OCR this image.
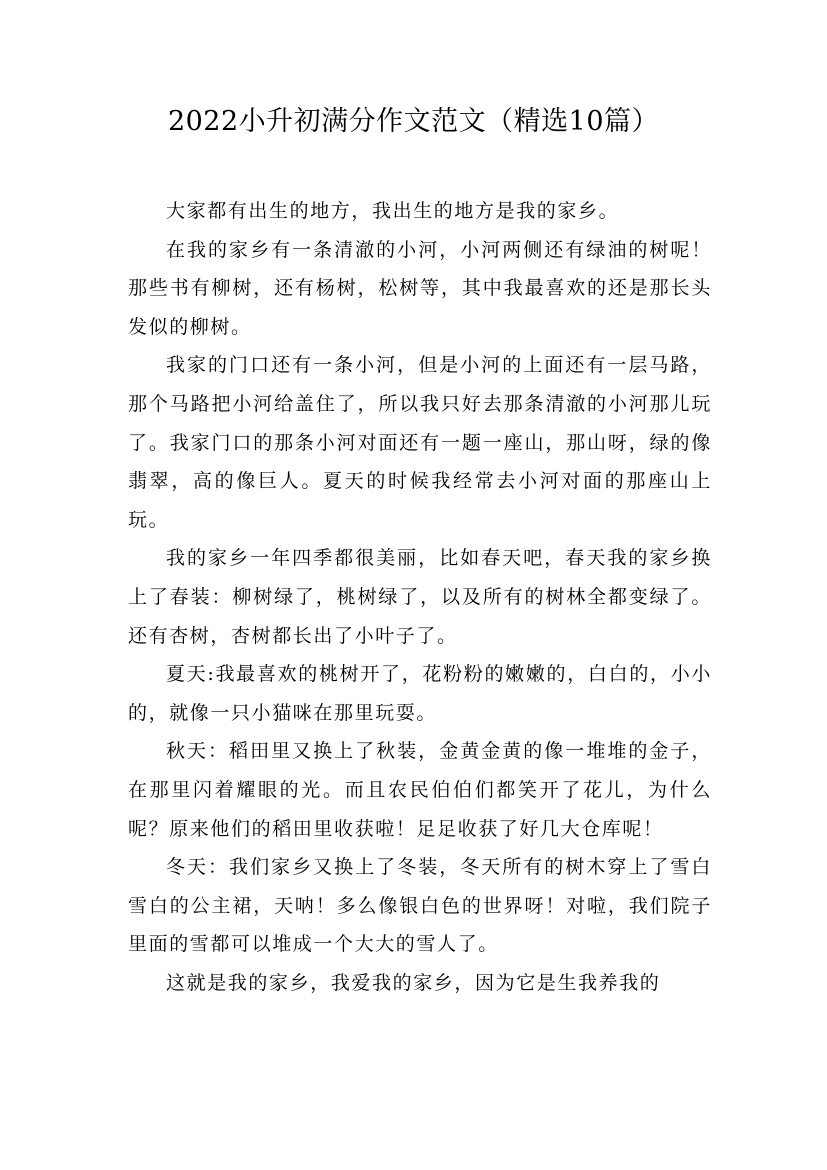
2022小升初满分作文范文（精选10篇）

大家都有出生的地方，我出生的地方是我的家乡。

在我的家乡有一条清澈的小河，小河两侧还有绿油的树呢！那些书有柳树，还有杨树，松树等，其中我最喜欢的还是那长头发似的柳树。

我家的门口还有一条小河，但是小河的上面还有一层马路，那个马路把小河给盖住了，所以我只好去那条清澈的小河那儿玩了。我家门口的那条小河对面还有一题一座山，那山呀，绿的像翡翠，高的像巨人。夏天的时候我经常去小河对面的那座山上玩。

我的家乡一年四季都很美丽，比如春天吧，春天我的家乡换上了春装：柳树绿了，桃树绿了，以及所有的树林全都变绿了。还有杏树，杏树都长出了小叶子了。

夏天:我最喜欢的桃树开了，花粉粉的嫩嫩的，白白的，小小的，就像一只小猫咪在那里玩耍。

秋天：稻田里又换上了秋装，金黄金黄的像一堆堆的金子，在那里闪着耀眼的光。而且农民伯伯们都笑开了花儿，为什么呢？原来他们的稻田里收获啦！足足收获了好几大仓库呢！

冬天：我们家乡又换上了冬装，冬天所有的树木穿上了雪白雪白的公主裙，天呐！多么像银白色的世界呀！对啦，我们院子里面的雪都可以堆成一个大大的雪人了。

这就是我的家乡，我爱我的家乡，因为它是生我养我的
